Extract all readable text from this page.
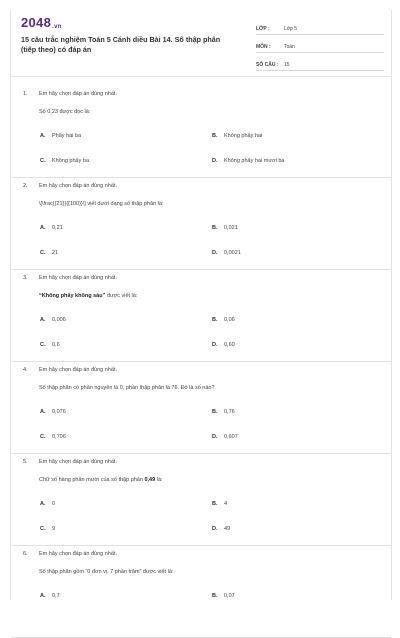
2048.vn
15 câu trắc nghiệm Toán 5 Cánh diều Bài 14. Số thập phân (tiếp theo) có đáp án
LỚP :	Lớp 5
MÔN :	Toán
SỐ CÂU : 15
1. Em hãy chọn đáp án đúng nhất.
Số 0,23 được đọc là:
A. Phẩy hai ba	B. Không phẩy hai
C. Không phẩy ba	D. Không phẩy hai mươi ba
2. Em hãy chọn đáp án đúng nhất.
\[\frac{{21}}{{100}}\] viết dưới dạng số thập phân là:
A. 0,21	B. 0,021
C. 21	D. 0,0021
3. Em hãy chọn đáp án đúng nhất.
“Không phẩy không sáu” được viết là:
A. 0,006	B. 0,06
C. 0,6	D. 0,60
4. Em hãy chọn đáp án đúng nhất.
Số thập phân có phần nguyên là 0, phần thập phân là 76. Đó là số nào?
A. 0,076	B. 0,76
C. 0,706	D. 0,607
5. Em hãy chọn đáp án đúng nhất.
Chữ số hàng phần mười của số thập phân 0,49 là:
A. 0	B. 4
C. 9	D. 49
6. Em hãy chọn đáp án đúng nhất.
Số thập phân gồm “0 đơn vị, 7 phần trăm” được viết là:
A. 0,7	B. 0,07
